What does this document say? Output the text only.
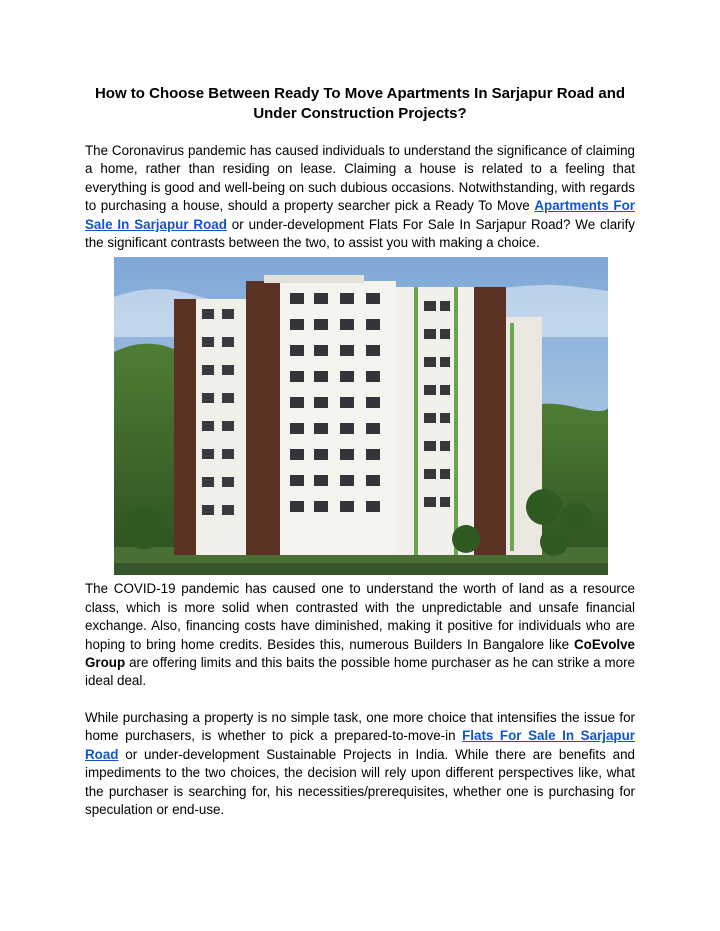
How to Choose Between Ready To Move Apartments In Sarjapur Road and Under Construction Projects?

The Coronavirus pandemic has caused individuals to understand the significance of claiming a home, rather than residing on lease. Claiming a house is related to a feeling that everything is good and well-being on such dubious occasions. Notwithstanding, with regards to purchasing a house, should a property searcher pick a Ready To Move Apartments For Sale In Sarjapur Road or under-development Flats For Sale In Sarjapur Road? We clarify the significant contrasts between the two, to assist you with making a choice.

The COVID-19 pandemic has caused one to understand the worth of land as a resource class, which is more solid when contrasted with the unpredictable and unsafe financial exchange. Also, financing costs have diminished, making it positive for individuals who are hoping to bring home credits. Besides this, numerous Builders In Bangalore like CoEvolve Group are offering limits and this baits the possible home purchaser as he can strike a more ideal deal.

While purchasing a property is no simple task, one more choice that intensifies the issue for home purchasers, is whether to pick a prepared-to-move-in Flats For Sale In Sarjapur Road or under-development Sustainable Projects in India. While there are benefits and impediments to the two choices, the decision will rely upon different perspectives like, what the purchaser is searching for, his necessities/prerequisites, whether one is purchasing for speculation or end-use.
